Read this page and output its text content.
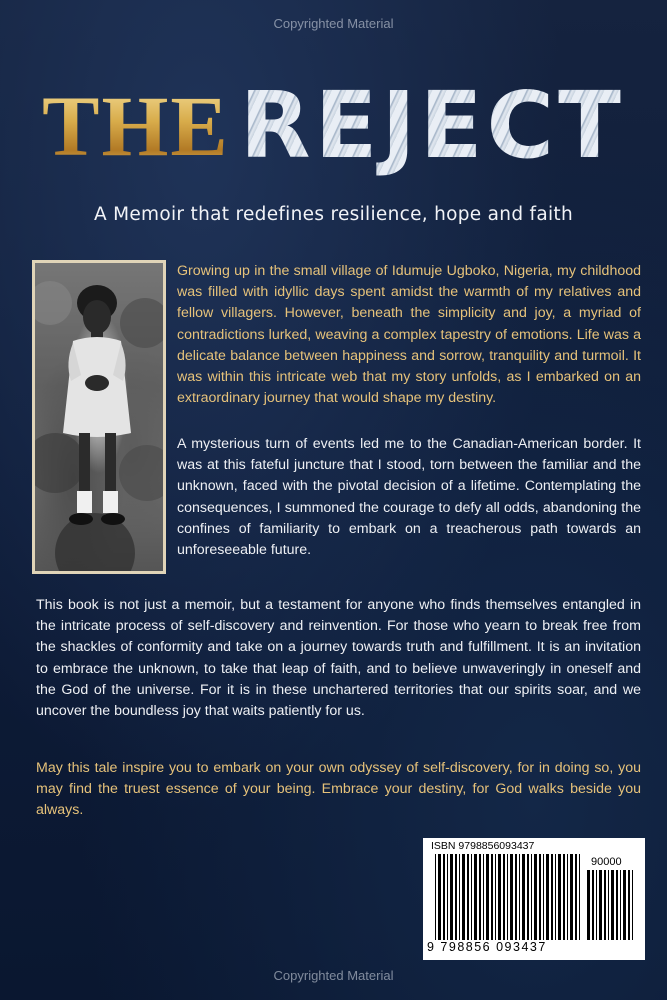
Copyrighted Material
THE REJECT
A Memoir that redefines resilience, hope and faith

Growing up in the small village of Idumuje Ugboko, Nigeria, my childhood was filled with idyllic days spent amidst the warmth of my relatives and fellow villagers. However, beneath the simplicity and joy, a myriad of contradictions lurked, weaving a complex tapestry of emotions. Life was a delicate balance between happiness and sorrow, tranquility and turmoil. It was within this intricate web that my story unfolds, as I embarked on an extraordinary journey that would shape my destiny.

A mysterious turn of events led me to the Canadian-American border. It was at this fateful juncture that I stood, torn between the familiar and the unknown, faced with the pivotal decision of a lifetime. Contemplating the consequences, I summoned the courage to defy all odds, abandoning the confines of familiarity to embark on a treacherous path towards an unforeseeable future.

This book is not just a memoir, but a testament for anyone who finds themselves entangled in the intricate process of self-discovery and reinvention. For those who yearn to break free from the shackles of conformity and take on a journey towards truth and fulfillment. It is an invitation to embrace the unknown, to take that leap of faith, and to believe unwaveringly in oneself and the God of the universe. For it is in these unchartered territories that our spirits soar, and we uncover the boundless joy that waits patiently for us.

May this tale inspire you to embark on your own odyssey of self-discovery, for in doing so, you may find the truest essence of your being. Embrace your destiny, for God walks beside you always.

ISBN 9798856093437
90000
9 798856 093437
Copyrighted Material
